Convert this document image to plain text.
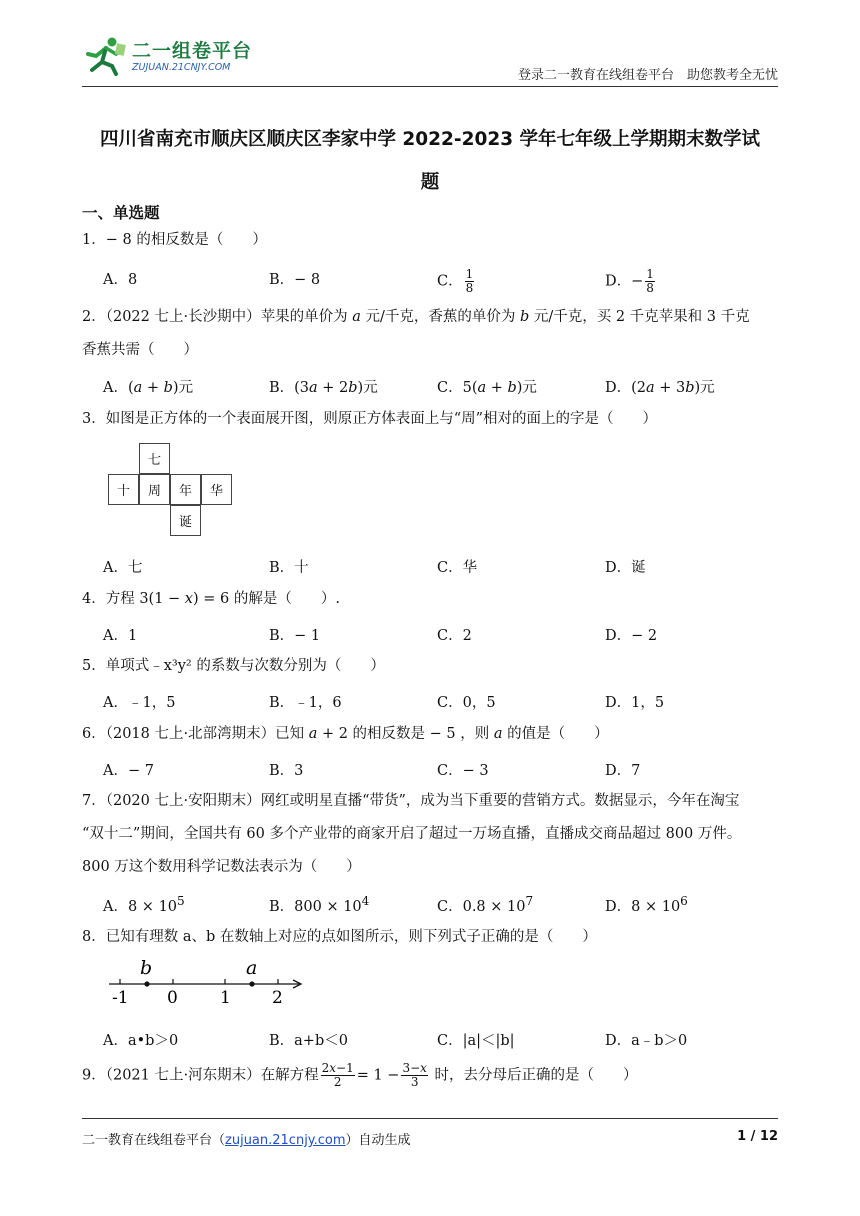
二一组卷平台
ZUJUAN.21CNJY.COM
登录二一教育在线组卷平台　助您教考全无忧
四川省南充市顺庆区顺庆区李家中学 2022-2023 学年七年级上学期期末数学试
题
一、单选题
1．− 8 的相反数是（　　）
A．8	B．− 8	C． $\frac{1}{8}$	D．− $\frac{1}{8}$
2．（2022 七上·长沙期中）苹果的单价为 𝑎 元/千克，香蕉的单价为 𝑏 元/千克，买 2 千克苹果和 3 千克
香蕉共需（　　）
A．(𝑎 + 𝑏)元	B．(3𝑎 + 2𝑏)元	C．5(𝑎 + 𝑏)元	D．(2𝑎 + 3𝑏)元
3．如图是正方体的一个表面展开图，则原正方体表面上与“周”相对的面上的字是（　　）
七
十	周	年	华
诞
A．七	B．十	C．华	D．诞
4．方程 3(1 − 𝑥) = 6 的解是（　　）.
A．1	B．− 1	C．2	D．− 2
5．单项式﹣x³y² 的系数与次数分别为（　　）
A．﹣1，5	B．﹣1，6	C．0，5	D．1，5
6．（2018 七上·北部湾期末）已知 𝑎 + 2 的相反数是 − 5 ，则 𝑎 的值是（　　）
A．− 7	B．3	C．− 3	D．7
7．（2020 七上·安阳期末）网红或明星直播“带货”，成为当下重要的营销方式。数据显示，今年在淘宝
“双十二”期间，全国共有 60 多个产业带的商家开启了超过一万场直播，直播成交商品超过 800 万件。
800 万这个数用科学记数法表示为（　　）
A．$8 \times 10^5$	B．$800 \times 10^4$	C．$0.8 \times 10^7$	D．$8 \times 10^6$
8．已知有理数 a、b 在数轴上对应的点如图所示，则下列式子正确的是（　　）
b	a
-1 0 1 2
A．a•b＞0	B．a+b＜0	C．|a|＜|b|	D．a﹣b＞0
9．（2021 七上·河东期末）在解方程 $\frac{\text{2𝑥−1}}{2} = 1 - \frac{\text{3−𝑥}}{3}$ 时，去分母后正确的是（　　）
二一教育在线组卷平台（zujuan.21cnjy.com）自动生成	1 / 12
